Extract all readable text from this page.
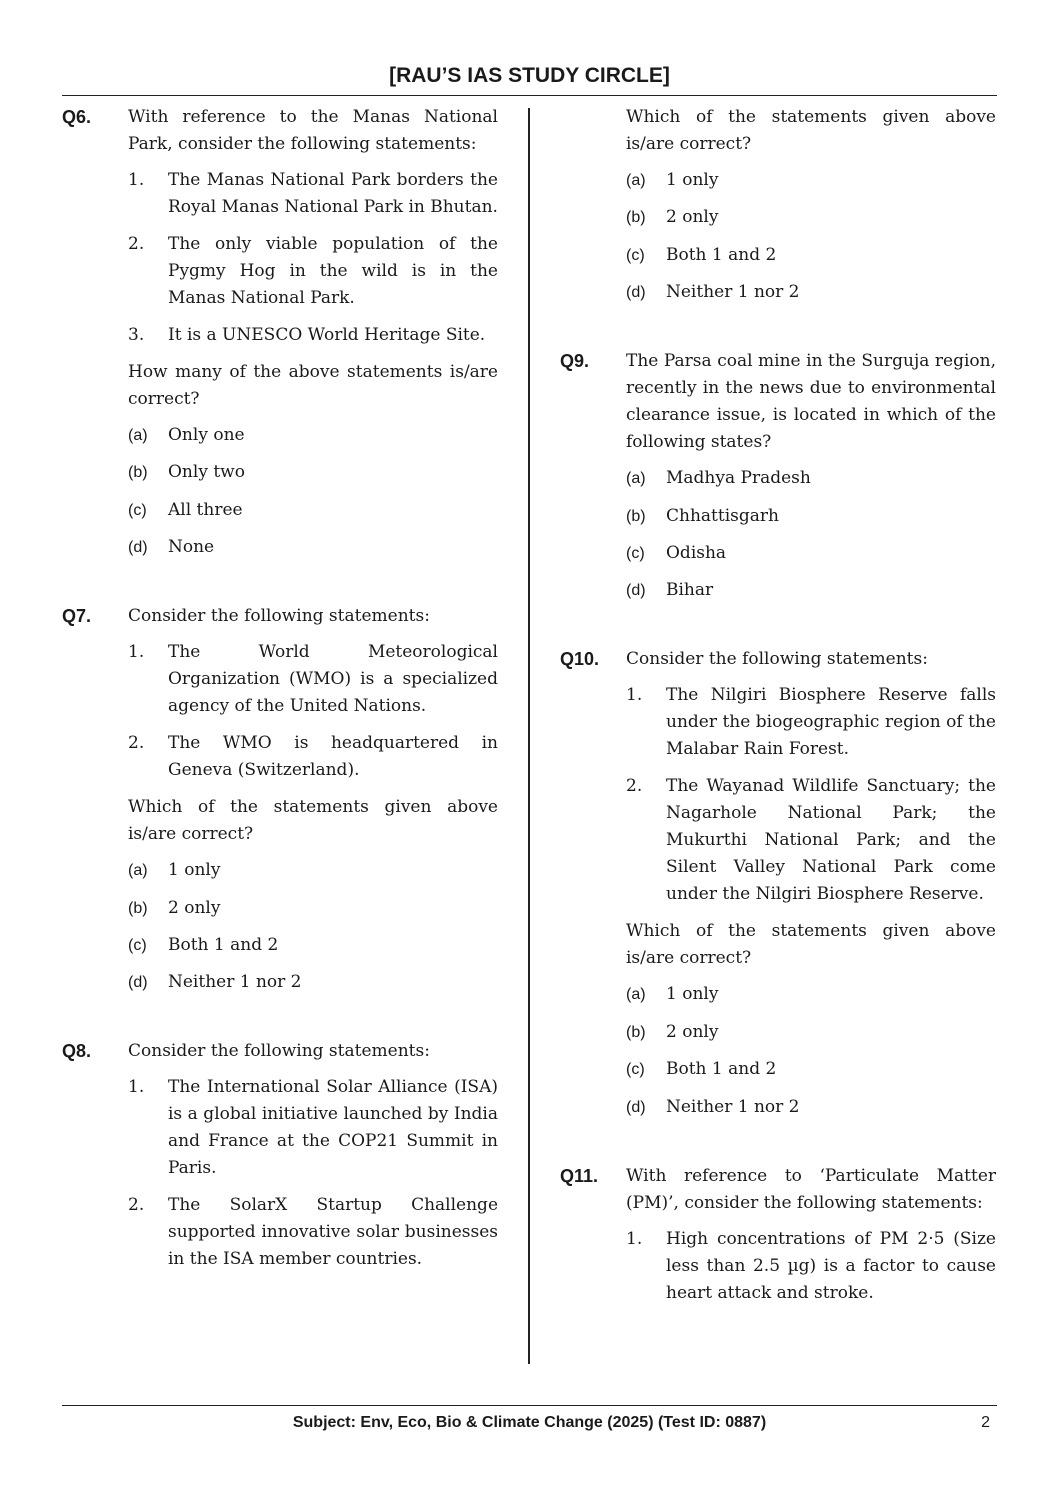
[RAU’S IAS STUDY CIRCLE]
Q6. With reference to the Manas National Park, consider the following statements:

1. The Manas National Park borders the Royal Manas National Park in Bhutan.
2. The only viable population of the Pygmy Hog in the wild is in the Manas National Park.
3. It is a UNESCO World Heritage Site.

How many of the above statements is/are correct?

(a) Only one
(b) Only two
(c) All three
(d) None
Q7. Consider the following statements:

1. The World Meteorological Organization (WMO) is a specialized agency of the United Nations.
2. The WMO is headquartered in Geneva (Switzerland).

Which of the statements given above is/are correct?

(a) 1 only
(b) 2 only
(c) Both 1 and 2
(d) Neither 1 nor 2
Q8. Consider the following statements:

1. The International Solar Alliance (ISA) is a global initiative launched by India and France at the COP21 Summit in Paris.
2. The SolarX Startup Challenge supported innovative solar businesses in the ISA member countries.

Which of the statements given above is/are correct?

(a) 1 only
(b) 2 only
(c) Both 1 and 2
(d) Neither 1 nor 2
Q9. The Parsa coal mine in the Surguja region, recently in the news due to environmental clearance issue, is located in which of the following states?

(a) Madhya Pradesh
(b) Chhattisgarh
(c) Odisha
(d) Bihar
Q10. Consider the following statements:

1. The Nilgiri Biosphere Reserve falls under the biogeographic region of the Malabar Rain Forest.
2. The Wayanad Wildlife Sanctuary; the Nagarhole National Park; the Mukurthi National Park; and the Silent Valley National Park come under the Nilgiri Biosphere Reserve.

Which of the statements given above is/are correct?

(a) 1 only
(b) 2 only
(c) Both 1 and 2
(d) Neither 1 nor 2
Q11. With reference to ‘Particulate Matter (PM)’, consider the following statements:

1. High concentrations of PM 2·5 (Size less than 2.5 µg) is a factor to cause heart attack and stroke.
Subject: Env, Eco, Bio & Climate Change (2025) (Test ID: 0887)	2
